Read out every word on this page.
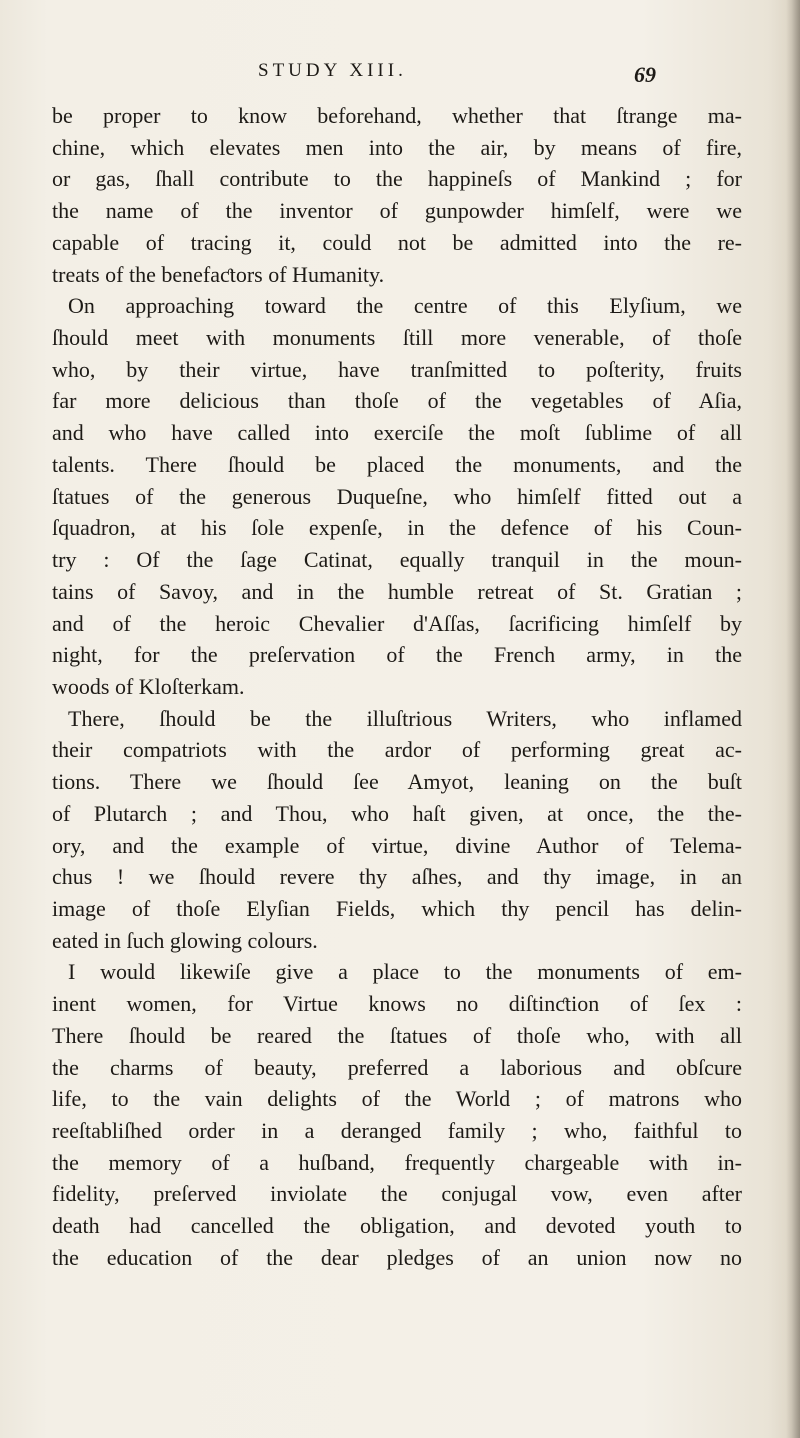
STUDY XIII.	69
be proper to know beforehand, whether that ſtrange ma-
chine, which elevates men into the air, by means of fire,
or gas, ſhall contribute to the happineſs of Mankind ; for
the name of the inventor of gunpowder himſelf, were we
capable of tracing it, could not be admitted into the re-
treats of the benefaƈtors of Humanity.
On approaching toward the centre of this Elyſium, we
ſhould meet with monuments ſtill more venerable, of thoſe
who, by their virtue, have tranſmitted to poſterity, fruits
far more delicious than thoſe of the vegetables of Aſia,
and who have called into exerciſe the moſt ſublime of all
talents. There ſhould be placed the monuments, and the
ſtatues of the generous Duqueſne, who himſelf fitted out a
ſquadron, at his ſole expenſe, in the defence of his Coun-
try : Of the ſage Catinat, equally tranquil in the moun-
tains of Savoy, and in the humble retreat of St. Gratian ;
and of the heroic Chevalier d'Aſſas, ſacrificing himſelf by
night, for the preſervation of the French army, in the
woods of Kloſterkam.
There, ſhould be the illuſtrious Writers, who inflamed
their compatriots with the ardor of performing great ac-
tions. There we ſhould ſee Amyot, leaning on the buſt
of Plutarch ; and Thou, who haſt given, at once, the the-
ory, and the example of virtue, divine Author of Telema-
chus ! we ſhould revere thy aſhes, and thy image, in an
image of thoſe Elyſian Fields, which thy pencil has delin-
eated in ſuch glowing colours.
I would likewiſe give a place to the monuments of em-
inent women, for Virtue knows no diſtinƈtion of ſex :
There ſhould be reared the ſtatues of thoſe who, with all
the charms of beauty, preferred a laborious and obſcure
life, to the vain delights of the World ; of matrons who
reeſtabliſhed order in a deranged family ; who, faithful to
the memory of a huſband, frequently chargeable with in-
fidelity, preſerved inviolate the conjugal vow, even after
death had cancelled the obligation, and devoted youth to
the education of the dear pledges of an union now no
